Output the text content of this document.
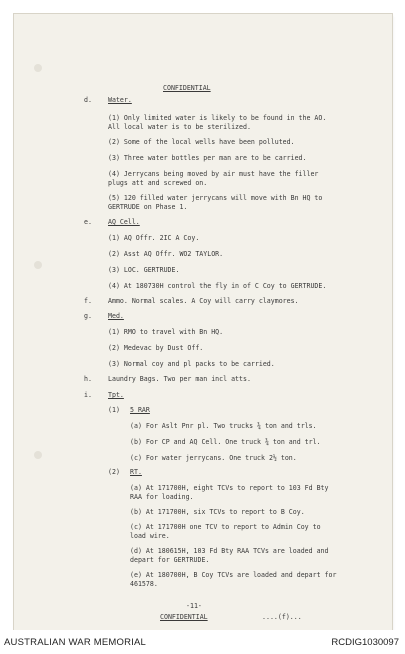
CONFIDENTIAL
-11-
CONFIDENTIAL	....(f)...
d. Water.
(1) Only limited water is likely to be found in the AO.
All local water is to be sterilized.
(2) Some of the local wells have been polluted.
(3) Three water bottles per man are to be carried.
(4) Jerrycans being moved by air must have the filler
plugs att and screwed on.
(5) 120 filled water jerrycans will move with Bn HQ to
GERTRUDE on Phase 1.
e. AQ Cell.
(1) AQ Offr. 2IC A Coy.
(2) Asst AQ Offr. WO2 TAYLOR.
(3) LOC. GERTRUDE.
(4) At 180730H control the fly in of C Coy to GERTRUDE.
f. Ammo. Normal scales. A Coy will carry claymores.
g. Med.
(1) RMO to travel with Bn HQ.
(2) Medevac by Dust Off.
(3) Normal coy and pl packs to be carried.
h. Laundry Bags. Two per man incl atts.
i. Tpt.
(1) 5 RAR
(a) For Aslt Pnr pl. Two trucks ¾ ton and trls.
(b) For CP and AQ Cell. One truck ¾ ton and trl.
(c) For water jerrycans. One truck 2½ ton.
(2) RT.
(a) At 171700H, eight TCVs to report to 103 Fd Bty
RAA for loading.
(b) At 171700H, six TCVs to report to B Coy.
(c) At 171700H one TCV to report to Admin Coy to
load wire.
(d) At 180615H, 103 Fd Bty RAA TCVs are loaded and
depart for GERTRUDE.
(e) At 180700H, B Coy TCVs are loaded and depart for
461578.
AUSTRALIAN WAR MEMORIAL	RCDIG1030097
